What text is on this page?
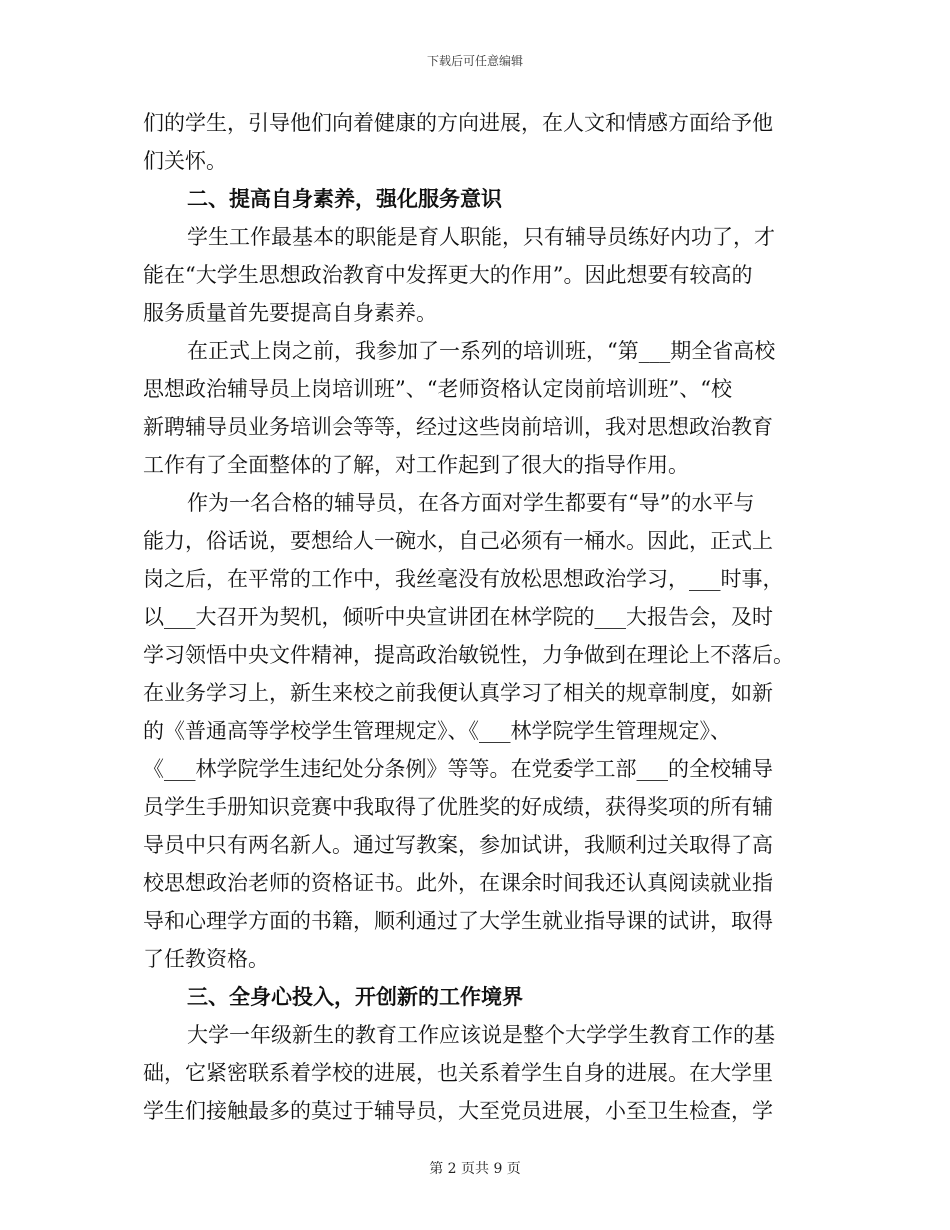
下载后可任意编辑
们的学生，引导他们向着健康的方向进展，在人文和情感方面给予他
们关怀。
二、提高自身素养，强化服务意识
学生工作最基本的职能是育人职能，只有辅导员练好内功了，才
能在“大学生思想政治教育中发挥更大的作用”。因此想要有较高的
服务质量首先要提高自身素养。
在正式上岗之前，我参加了一系列的培训班，“第___期全省高校
思想政治辅导员上岗培训班”、“老师资格认定岗前培训班”、“校
新聘辅导员业务培训会等等，经过这些岗前培训，我对思想政治教育
工作有了全面整体的了解，对工作起到了很大的指导作用。
作为一名合格的辅导员，在各方面对学生都要有“导”的水平与
能力，俗话说，要想给人一碗水，自己必须有一桶水。因此，正式上
岗之后，在平常的工作中，我丝毫没有放松思想政治学习，___时事，
以___大召开为契机，倾听中央宣讲团在林学院的___大报告会，及时
学习领悟中央文件精神，提高政治敏锐性，力争做到在理论上不落后。
在业务学习上，新生来校之前我便认真学习了相关的规章制度，如新
的《普通高等学校学生管理规定》、《___林学院学生管理规定》、
《___林学院学生违纪处分条例》等等。在党委学工部___的全校辅导
员学生手册知识竞赛中我取得了优胜奖的好成绩，获得奖项的所有辅
导员中只有两名新人。通过写教案，参加试讲，我顺利过关取得了高
校思想政治老师的资格证书。此外，在课余时间我还认真阅读就业指
导和心理学方面的书籍，顺利通过了大学生就业指导课的试讲，取得
了任教资格。
三、全身心投入，开创新的工作境界
大学一年级新生的教育工作应该说是整个大学学生教育工作的基
础，它紧密联系着学校的进展，也关系着学生自身的进展。在大学里
学生们接触最多的莫过于辅导员，大至党员进展，小至卫生检查，学
第 2 页共 9 页
